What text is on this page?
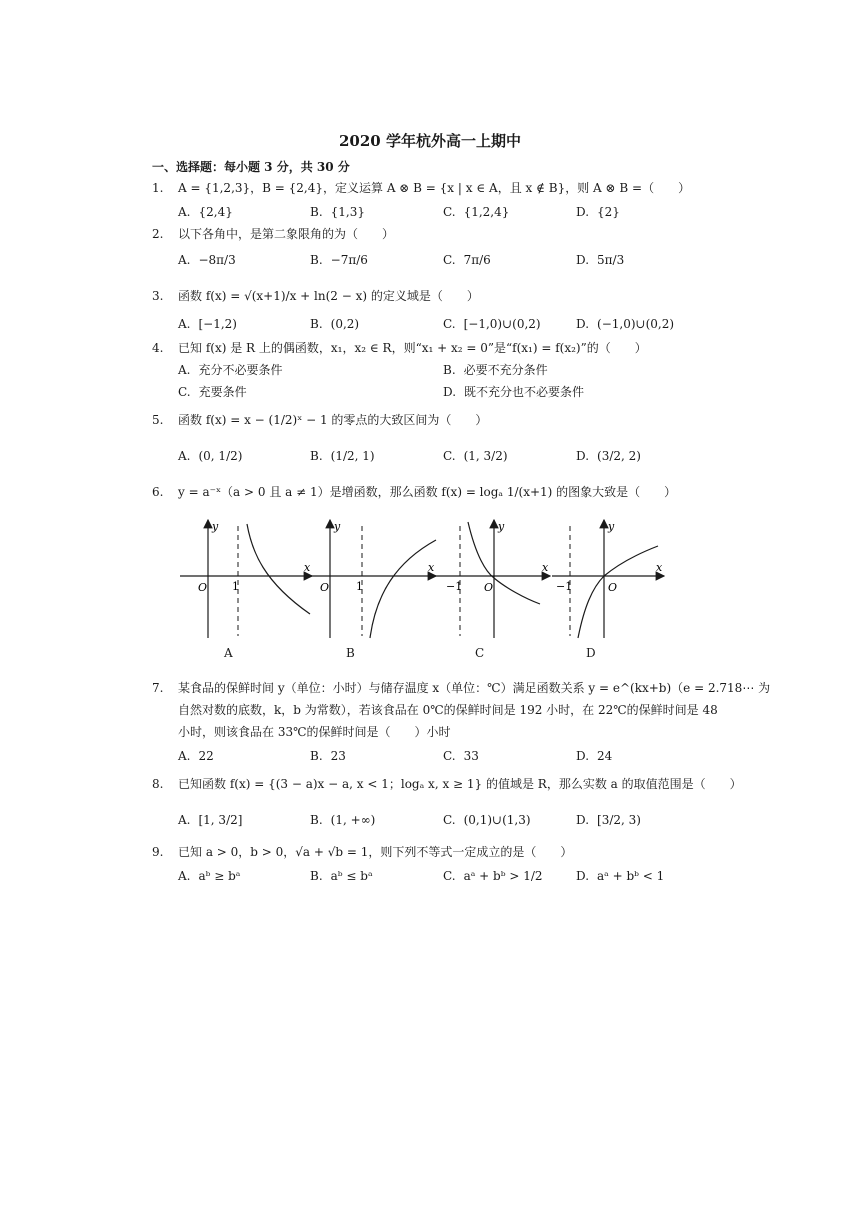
2020 学年杭外高一上期中
一、选择题：每小题 3 分，共 30 分
1. A = {1,2,3}，B = {2,4}，定义运算 A ⊗ B = {x | x ∈ A，且 x ∉ B}，则 A ⊗ B =（　　）
A. {2,4}	B. {1,3}	C. {1,2,4}	D. {2}
2. 以下各角中，是第二象限角的为（　　）
A. −8π/3	B. −7π/6	C. 7π/6	D. 5π/3
3. 函数 f(x) = √(x+1)/x + ln(2 − x) 的定义域是（　　）
A. [−1,2)	B. (0,2)	C. [−1,0)∪(0,2)	D. (−1,0)∪(0,2)
4. 已知 f(x) 是 R 上的偶函数，x₁，x₂ ∈ R，则“x₁ + x₂ = 0”是“f(x₁) = f(x₂)”的（　　）
A. 充分不必要条件	B. 必要不充分条件
C. 充要条件	D. 既不充分也不必要条件
5. 函数 f(x) = x − (1/2)ˣ − 1 的零点的大致区间为（　　）
A. (0, 1/2)	B. (1/2, 1)	C. (1, 3/2)	D. (3/2, 2)
6. y = a⁻ˣ（a > 0 且 a ≠ 1）是增函数，那么函数 f(x) = logₐ 1/(x+1) 的图象大致是（　　）
O 1
y
x
O 1
y
x
−1 O
y
x
−1	O
y
x
A	B	C	D
7. 某食品的保鲜时间 y（单位：小时）与储存温度 x（单位：℃）满足函数关系 y = e^(kx+b)（e = 2.718⋯ 为
自然对数的底数，k，b 为常数），若该食品在 0℃的保鲜时间是 192 小时，在 22℃的保鲜时间是 48
小时，则该食品在 33℃的保鲜时间是（　　）小时
A. 22	B. 23	C. 33	D. 24
8. 已知函数 f(x) = {(3 − a)x − a, x < 1；logₐ x, x ≥ 1} 的值域是 R，那么实数 a 的取值范围是（　　）
A. [1, 3/2]	B. (1, +∞)	C. (0,1)∪(1,3)	D. [3/2, 3)
9. 已知 a > 0，b > 0，√a + √b = 1，则下列不等式一定成立的是（　　）
A. aᵇ ≥ bᵃ	B. aᵇ ≤ bᵃ	C. aᵃ + bᵇ > 1/2	D. aᵃ + bᵇ < 1
